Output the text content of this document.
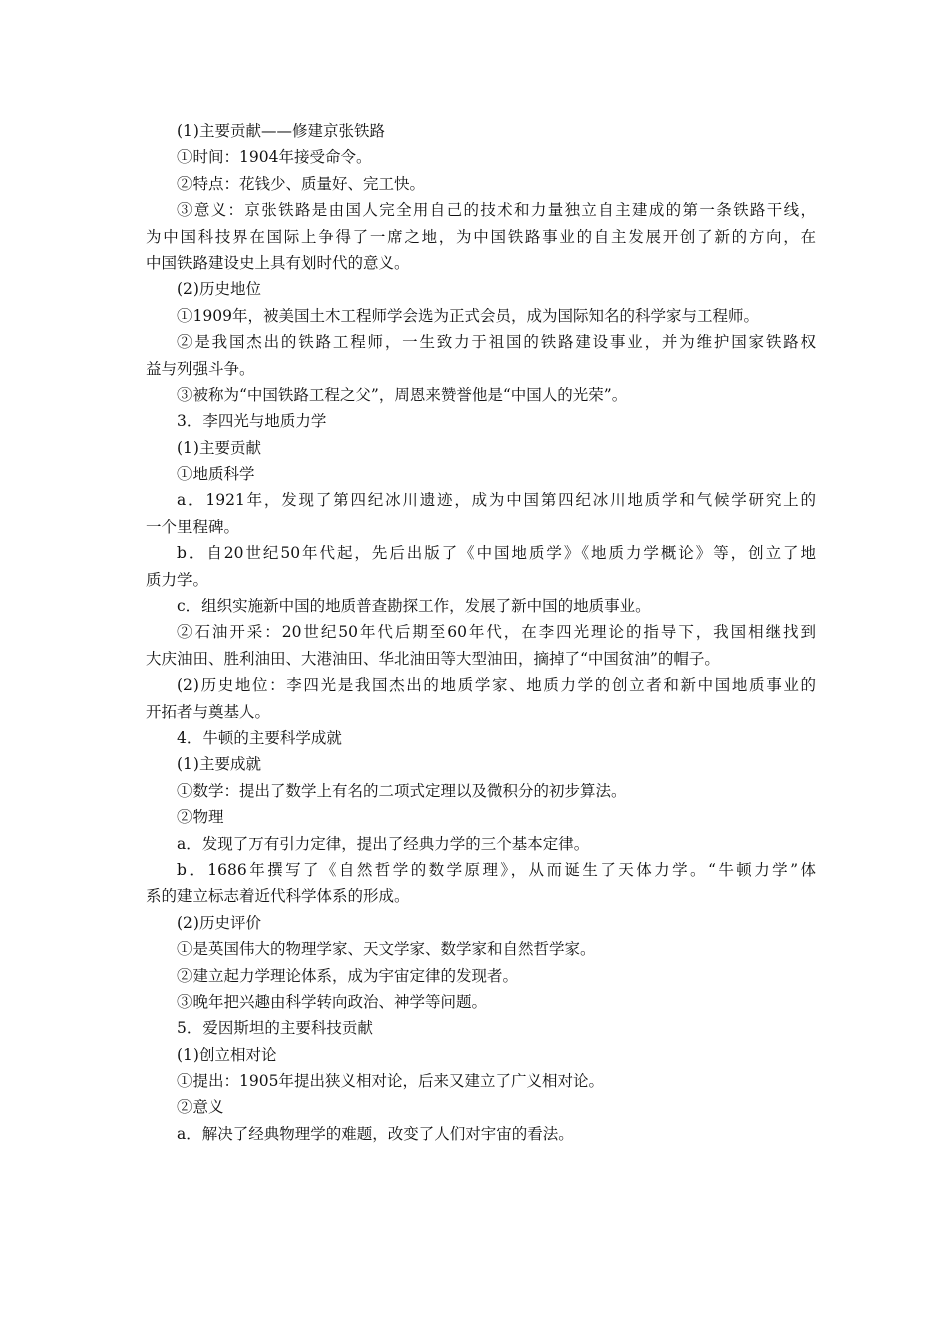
(1)主要贡献——修建京张铁路
①时间：1904年接受命令。
②特点：花钱少、质量好、完工快。
③意义：京张铁路是由国人完全用自己的技术和力量独立自主建成的第一条铁路干线，
为中国科技界在国际上争得了一席之地，为中国铁路事业的自主发展开创了新的方向，在
中国铁路建设史上具有划时代的意义。
(2)历史地位
①1909年，被美国土木工程师学会选为正式会员，成为国际知名的科学家与工程师。
②是我国杰出的铁路工程师，一生致力于祖国的铁路建设事业，并为维护国家铁路权
益与列强斗争。
③被称为“中国铁路工程之父”，周恩来赞誉他是“中国人的光荣”。
3．李四光与地质力学
(1)主要贡献
①地质科学
a．1921年，发现了第四纪冰川遗迹，成为中国第四纪冰川地质学和气候学研究上的
一个里程碑。
b．自20世纪50年代起，先后出版了《中国地质学》《地质力学概论》等，创立了地
质力学。
c．组织实施新中国的地质普查勘探工作，发展了新中国的地质事业。
②石油开采：20世纪50年代后期至60年代，在李四光理论的指导下，我国相继找到
大庆油田、胜利油田、大港油田、华北油田等大型油田，摘掉了“中国贫油”的帽子。
(2)历史地位：李四光是我国杰出的地质学家、地质力学的创立者和新中国地质事业的
开拓者与奠基人。
4．牛顿的主要科学成就
(1)主要成就
①数学：提出了数学上有名的二项式定理以及微积分的初步算法。
②物理
a．发现了万有引力定律，提出了经典力学的三个基本定律。
b．1686年撰写了《自然哲学的数学原理》，从而诞生了天体力学。“牛顿力学”体
系的建立标志着近代科学体系的形成。
(2)历史评价
①是英国伟大的物理学家、天文学家、数学家和自然哲学家。
②建立起力学理论体系，成为宇宙定律的发现者。
③晚年把兴趣由科学转向政治、神学等问题。
5．爱因斯坦的主要科技贡献
(1)创立相对论
①提出：1905年提出狭义相对论，后来又建立了广义相对论。
②意义
a．解决了经典物理学的难题，改变了人们对宇宙的看法。
